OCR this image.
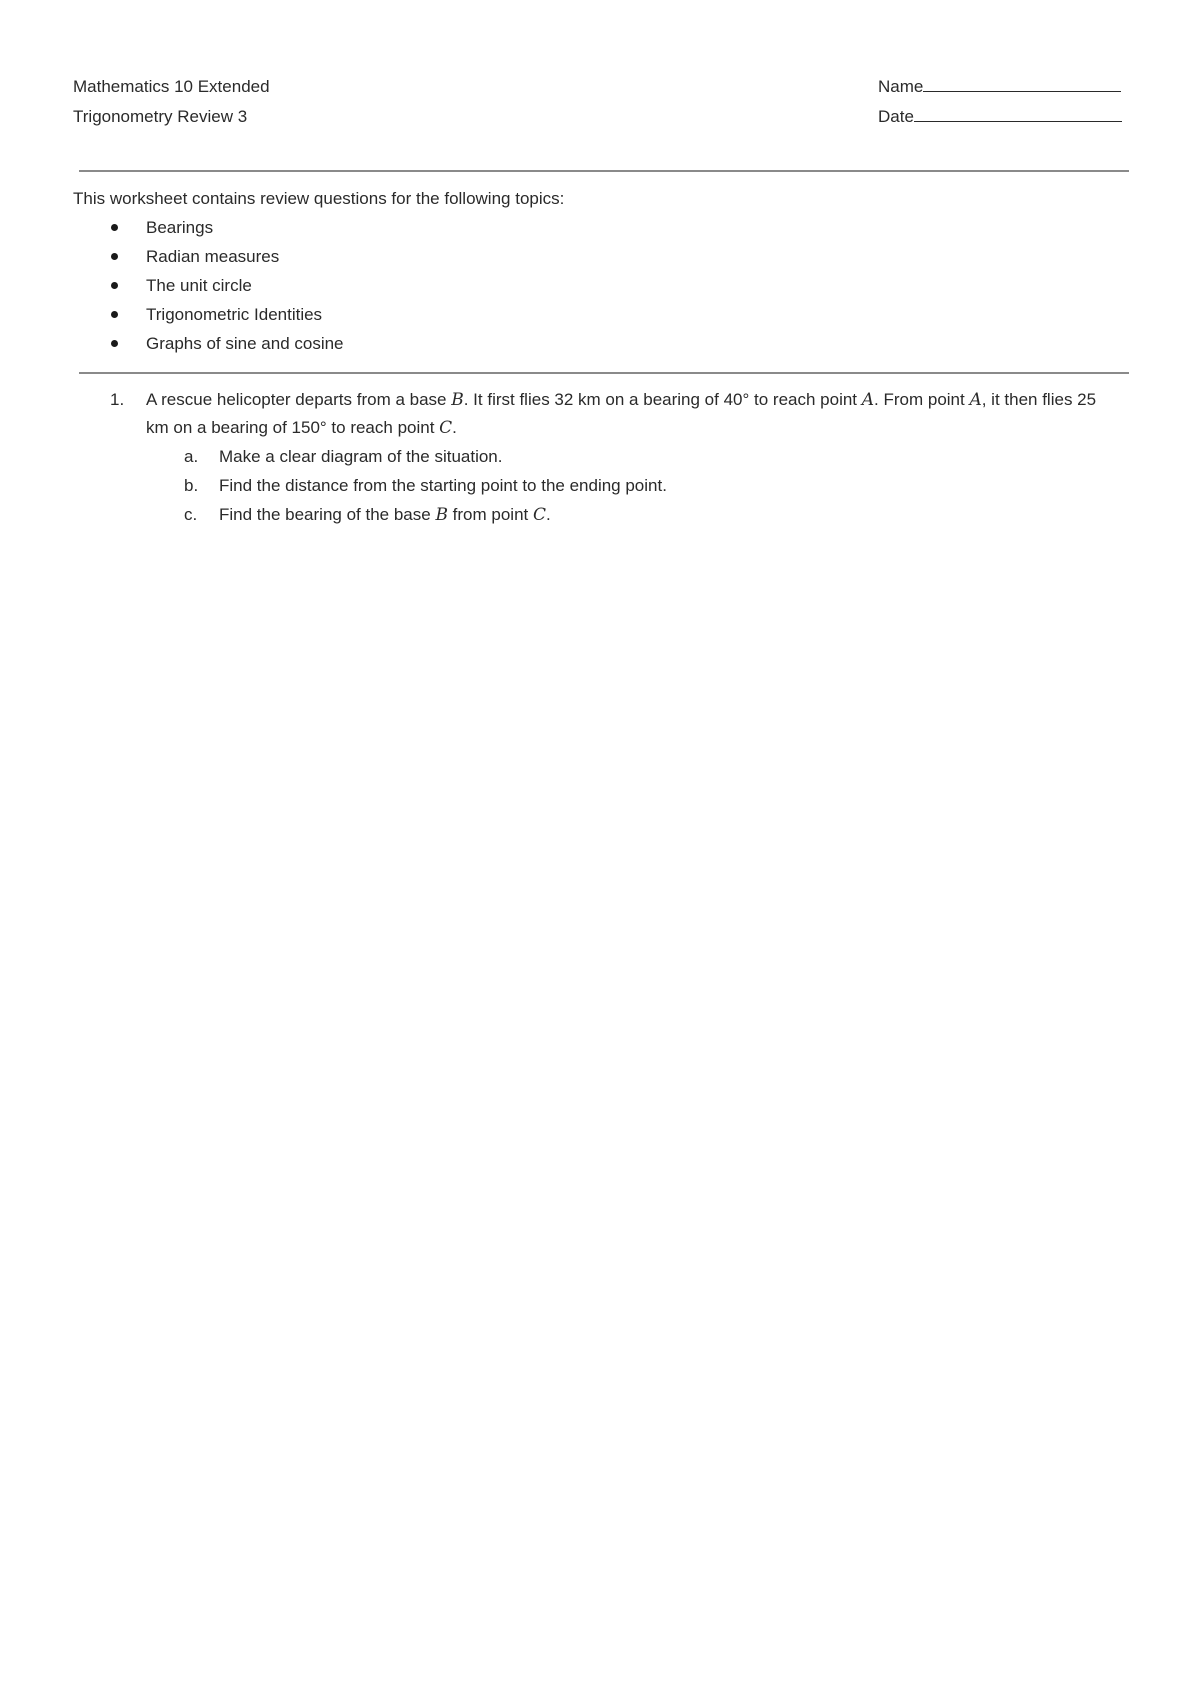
Mathematics 10 Extended
Trigonometry Review 3
Name
Date
This worksheet contains review questions for the following topics:
Bearings
Radian measures
The unit circle
Trigonometric Identities
Graphs of sine and cosine
1. A rescue helicopter departs from a base B. It first flies 32 km on a bearing of 40° to reach point A. From point A, it then flies 25 km on a bearing of 150° to reach point C.
a. Make a clear diagram of the situation.
b. Find the distance from the starting point to the ending point.
c. Find the bearing of the base B from point C.
